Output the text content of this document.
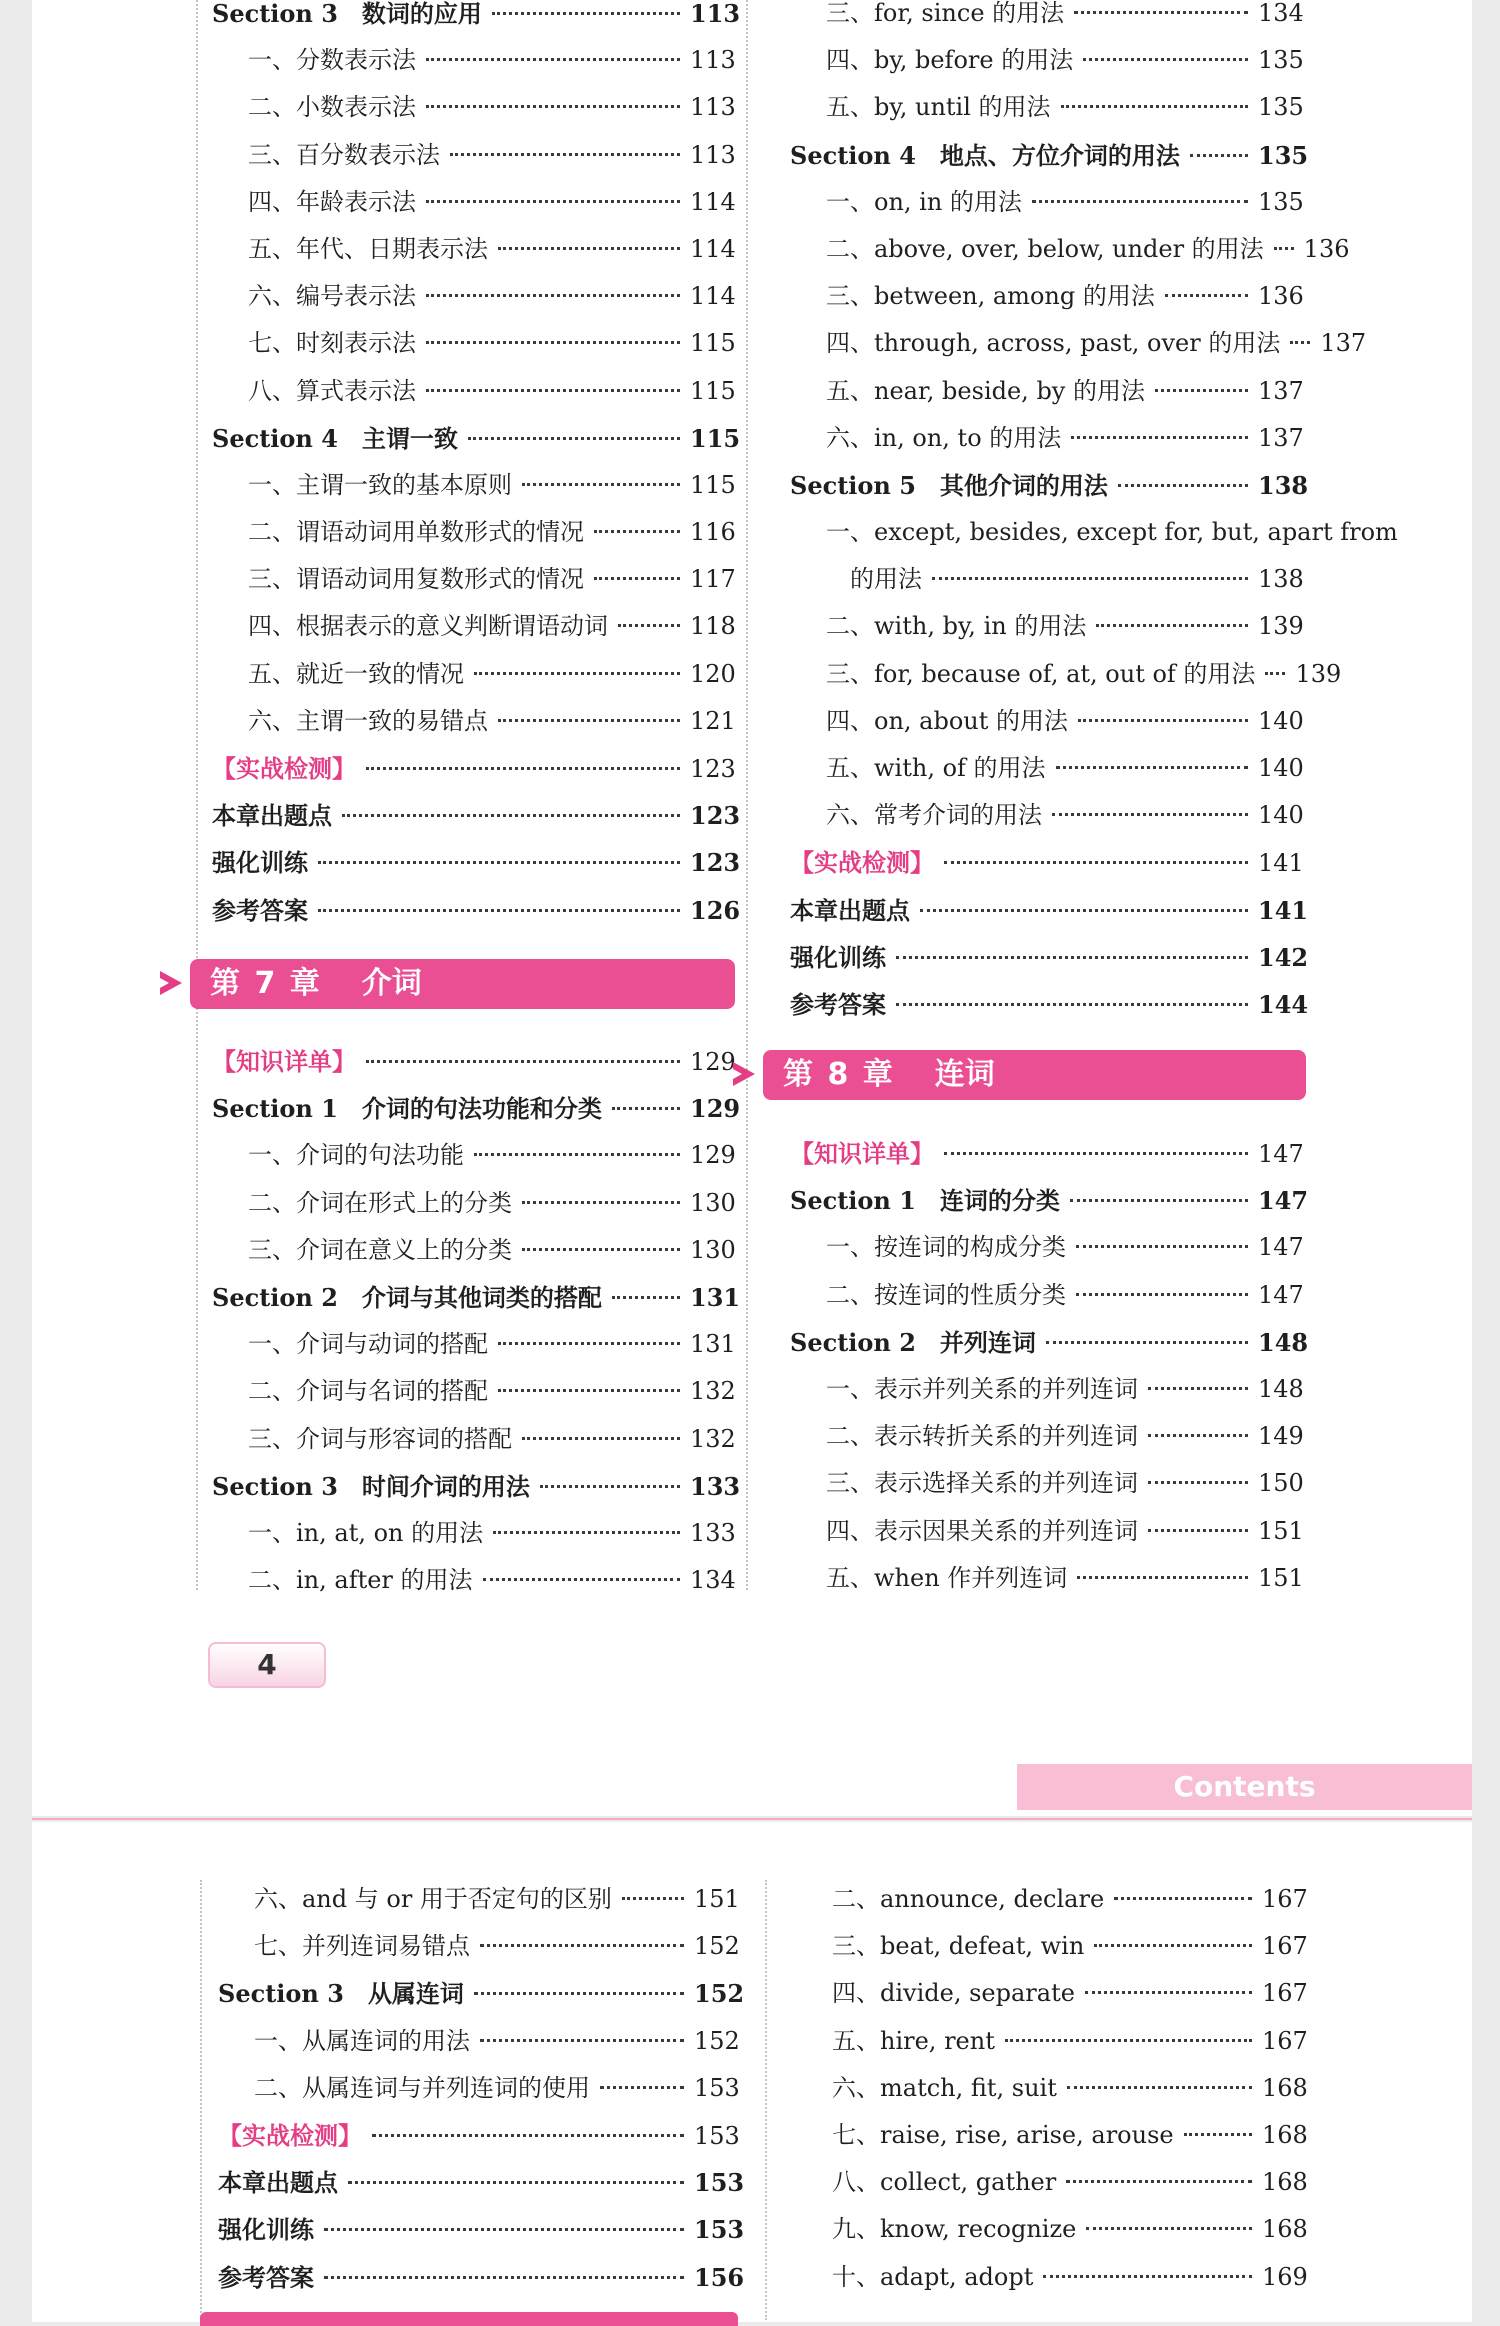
Section 3　数词的应用	113
一、分数表示法	113
二、小数表示法	113
三、百分数表示法	113
四、年龄表示法	114
五、年代、日期表示法	114
六、编号表示法	114
七、时刻表示法	115
八、算式表示法	115
Section 4　主谓一致	115
一、主谓一致的基本原则	115
二、谓语动词用单数形式的情况	116
三、谓语动词用复数形式的情况	117
四、根据表示的意义判断谓语动词	118
五、就近一致的情况	120
六、主谓一致的易错点	121
【实战检测】	123
本章出题点	123
强化训练	123
参考答案	126
第 7 章 介词
【知识详单】	129
Section 1　介词的句法功能和分类	129
一、介词的句法功能	129
二、介词在形式上的分类	130
三、介词在意义上的分类	130
Section 2　介词与其他词类的搭配	131
一、介词与动词的搭配	131
二、介词与名词的搭配	132
三、介词与形容词的搭配	132
Section 3　时间介词的用法	133
一、in, at, on 的用法	133
二、in, after 的用法	134
三、for, since 的用法	134
四、by, before 的用法	135
五、by, until 的用法	135
Section 4　地点、方位介词的用法	135
一、on, in 的用法	135
二、above, over, below, under 的用法 136
三、between, among 的用法	136
四、through, across, past, over 的用法 137
五、near, beside, by 的用法	137
六、in, on, to 的用法	137
Section 5　其他介词的用法	138
一、except, besides, except for, but, apart from
的用法	138
二、with, by, in 的用法	139
三、for, because of, at, out of 的用法 139
四、on, about 的用法	140
五、with, of 的用法	140
六、常考介词的用法	140
【实战检测】	141
本章出题点	141
强化训练	142
参考答案	144
第 8 章 连词
【知识详单】	147
Section 1　连词的分类	147
一、按连词的构成分类	147
二、按连词的性质分类	147
Section 2　并列连词	148
一、表示并列关系的并列连词	148
二、表示转折关系的并列连词	149
三、表示选择关系的并列连词	150
四、表示因果关系的并列连词	151
五、when 作并列连词	151
4
Contents
六、and 与 or 用于否定句的区别	151
七、并列连词易错点	152
Section 3　从属连词	152
一、从属连词的用法	152
二、从属连词与并列连词的使用	153
【实战检测】	153
本章出题点	153
强化训练	153
参考答案	156
二、announce, declare	167
三、beat, defeat, win	167
四、divide, separate	167
五、hire, rent	167
六、match, fit, suit	168
七、raise, rise, arise, arouse	168
八、collect, gather	168
九、know, recognize	168
十、adapt, adopt	169
